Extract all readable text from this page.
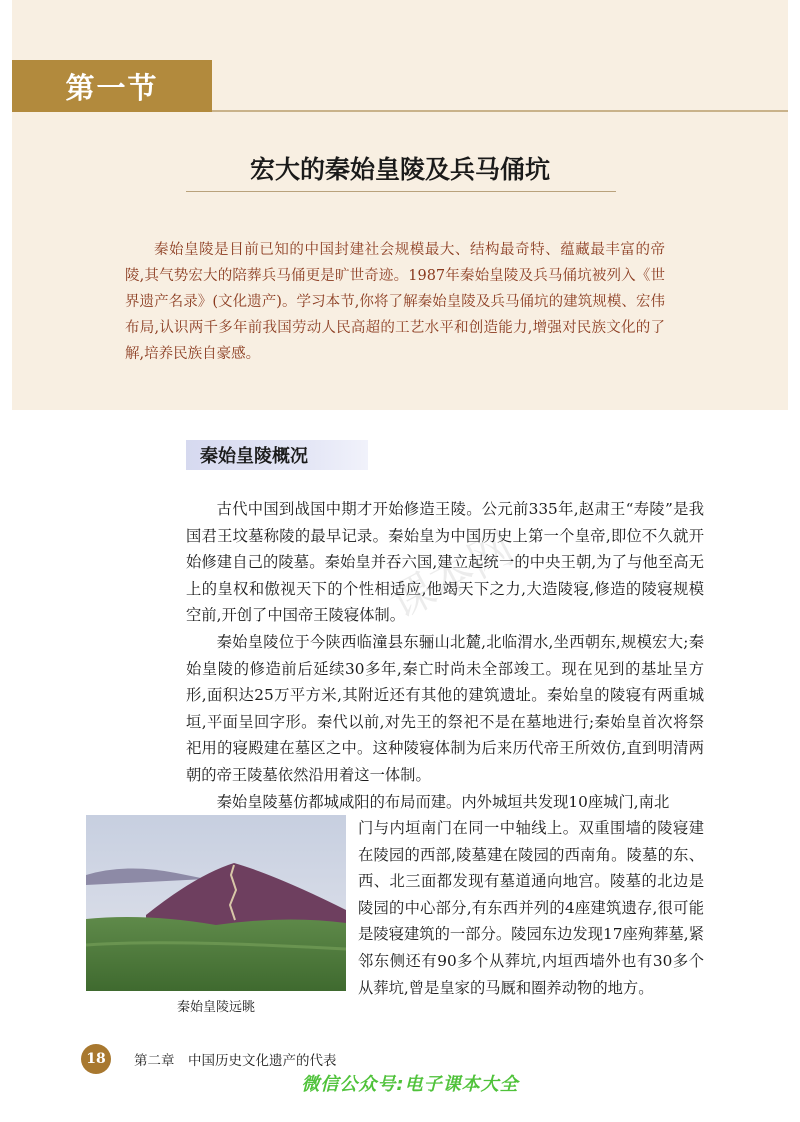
第一节
宏大的秦始皇陵及兵马俑坑

秦始皇陵是目前已知的中国封建社会规模最大、结构最奇特、蕴藏最丰富的帝陵,其气势宏大的陪葬兵马俑更是旷世奇迹。1987年秦始皇陵及兵马俑坑被列入《世界遗产名录》(文化遗产)。学习本节,你将了解秦始皇陵及兵马俑坑的建筑规模、宏伟布局,认识两千多年前我国劳动人民高超的工艺水平和创造能力,增强对民族文化的了解,培养民族自豪感。

课本网
秦始皇陵概况

古代中国到战国中期才开始修造王陵。公元前335年,赵肃王“寿陵”是我国君王坟墓称陵的最早记录。秦始皇为中国历史上第一个皇帝,即位不久就开始修建自己的陵墓。秦始皇并吞六国,建立起统一的中央王朝,为了与他至高无上的皇权和傲视天下的个性相适应,他竭天下之力,大造陵寝,修造的陵寝规模空前,开创了中国帝王陵寝体制。

秦始皇陵位于今陕西临潼县东骊山北麓,北临渭水,坐西朝东,规模宏大;秦始皇陵的修造前后延续30多年,秦亡时尚未全部竣工。现在见到的基址呈方形,面积达25万平方米,其附近还有其他的建筑遗址。秦始皇的陵寝有两重城垣,平面呈回字形。秦代以前,对先王的祭祀不是在墓地进行;秦始皇首次将祭祀用的寝殿建在墓区之中。这种陵寝体制为后来历代帝王所效仿,直到明清两朝的帝王陵墓依然沿用着这一体制。

秦始皇陵墓仿都城咸阳的布局而建。内外城垣共发现10座城门,南北

秦始皇陵远眺

门与内垣南门在同一中轴线上。双重围墙的陵寝建在陵园的西部,陵墓建在陵园的西南角。陵墓的东、西、北三面都发现有墓道通向地宫。陵墓的北边是陵园的中心部分,有东西并列的4座建筑遗存,很可能是陵寝建筑的一部分。陵园东边发现17座殉葬墓,紧邻东侧还有90多个从葬坑,内垣西墙外也有30多个从葬坑,曾是皇家的马厩和圈养动物的地方。

18	第二章　中国历史文化遗产的代表
微信公众号:电子课本大全
